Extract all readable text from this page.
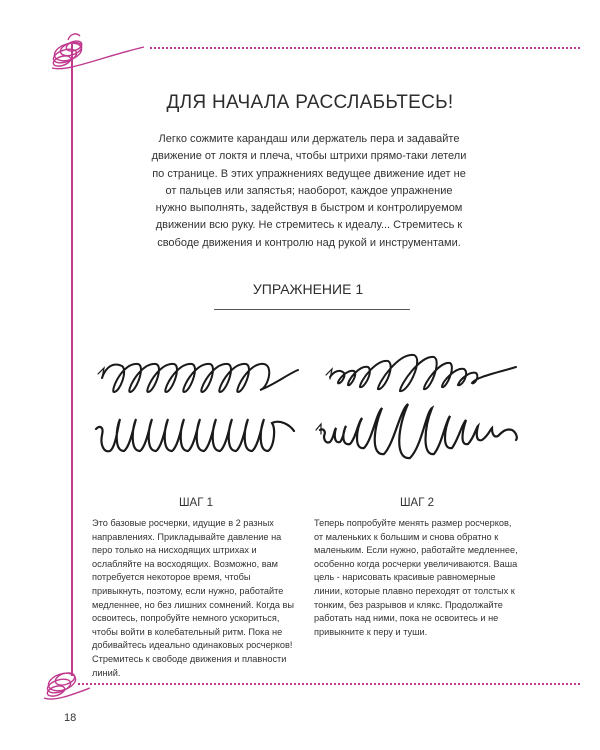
18
ДЛЯ НАЧАЛА РАССЛАБЬТЕСЬ!

Легко сожмите карандаш или держатель пера и задавайте движение от локтя и плеча, чтобы штрихи прямо-таки летели по странице. В этих упражнениях ведущее движение идет не от пальцев или запястья; наоборот, каждое упражнение нужно выполнять, задействуя в быстром и контролируемом движении всю руку. Не стремитесь к идеалу... Стремитесь к свободе движения и контролю над рукой и инструментами.

УПРАЖНЕНИЕ 1
ШАГ 1

Это базовые росчерки, идущие в 2 разных направлениях. Прикладывайте давление на перо только на нисходящих штрихах и ослабляйте на восходящих. Возможно, вам потребуется некоторое время, чтобы привыкнуть, поэтому, если нужно, работайте медленнее, но без лишних сомнений. Когда вы освоитесь, попробуйте немного ускориться, чтобы войти в колебательный ритм. Пока не добивайтесь идеально одинаковых росчерков! Стремитесь к свободе движения и плавности линий.

ШАГ 2

Теперь попробуйте менять размер росчерков, от маленьких к большим и снова обратно к маленьким. Если нужно, работайте медленнее, особенно когда росчерки увеличиваются. Ваша цель - нарисовать красивые равномерные линии, которые плавно переходят от толстых к тонким, без разрывов и клякс. Продолжайте работать над ними, пока не освоитесь и не привыкните к перу и туши.
